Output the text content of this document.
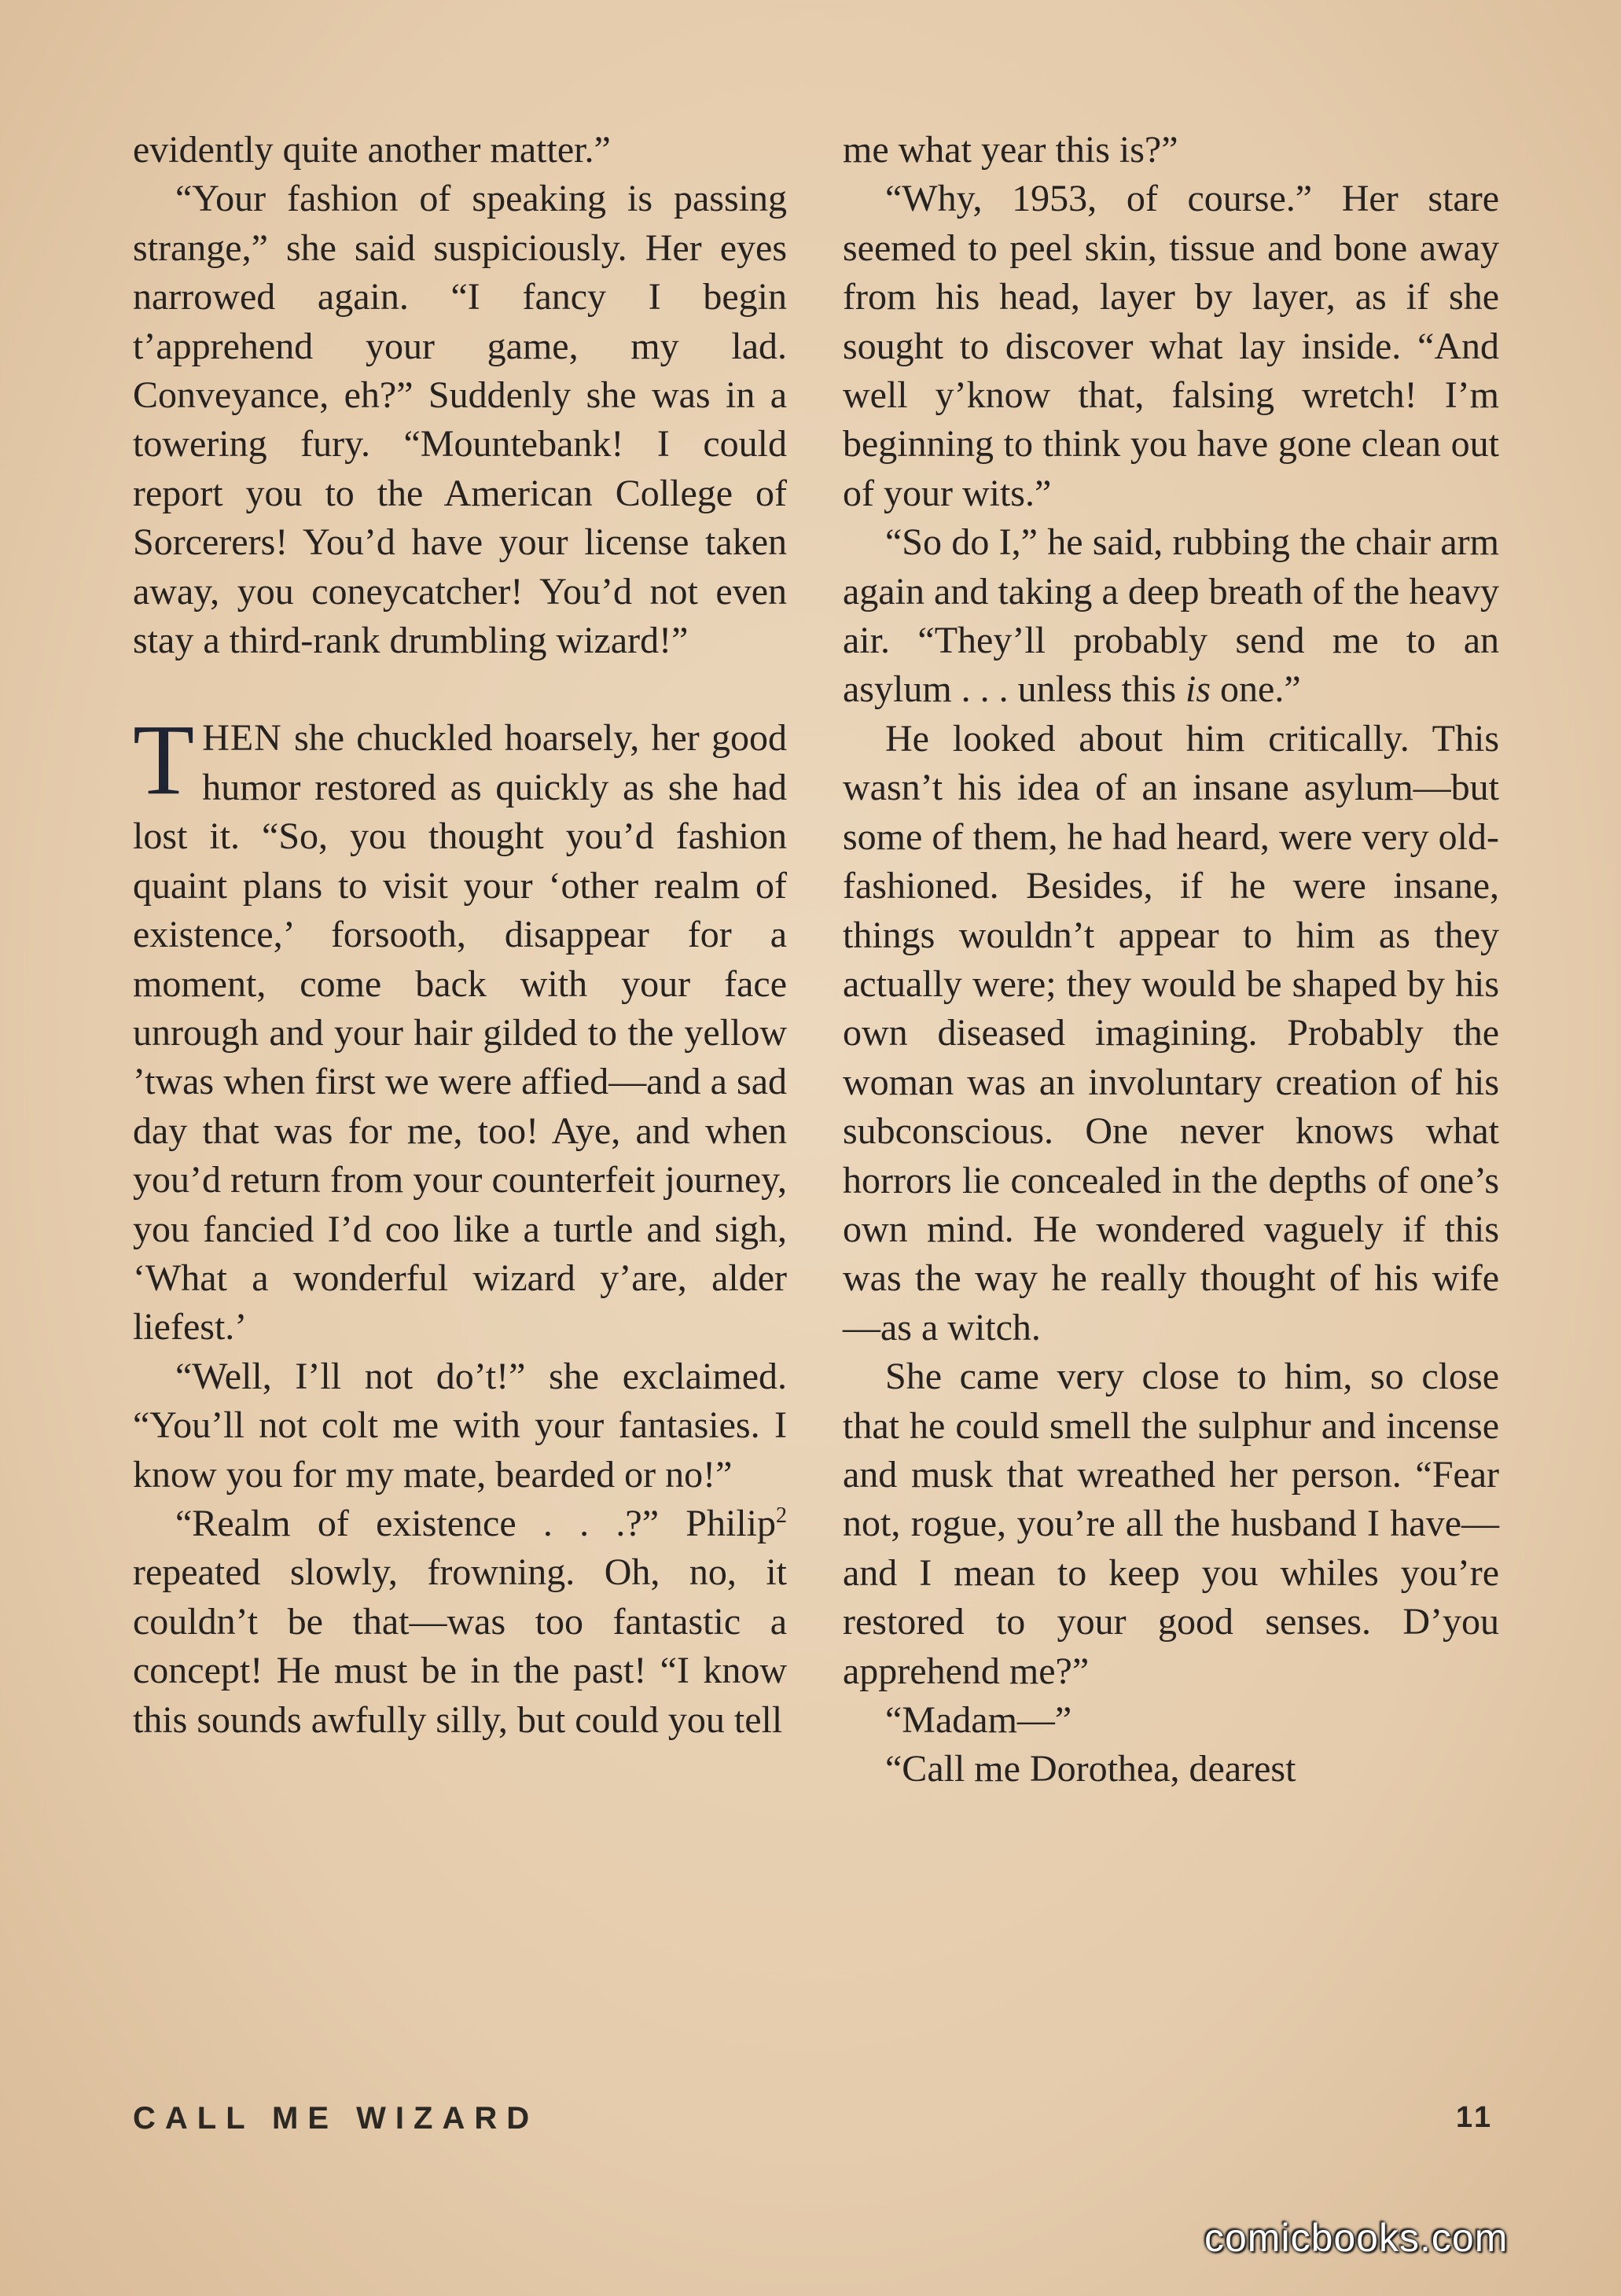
evidently quite another matter.”

“Your fashion of speaking is passing strange,” she said suspiciously. Her eyes narrowed again. “I fancy I begin t’apprehend your game, my lad. Conveyance, eh?” Suddenly she was in a towering fury. “Mountebank! I could report you to the American College of Sorcerers! You’d have your license taken away, you coneycatcher! You’d not even stay a third-rank drumbling wizard!”

THEN she chuckled hoarsely, her good humor restored as quickly as she had lost it. “So, you thought you’d fashion quaint plans to visit your ‘other realm of existence,’ forsooth, disappear for a moment, come back with your face unrough and your hair gilded to the yellow ’twas when first we were affied—and a sad day that was for me, too! Aye, and when you’d return from your counterfeit journey, you fancied I’d coo like a turtle and sigh, ‘What a wonderful wizard y’are, alder liefest.’

“Well, I’ll not do’t!” she exclaimed. “You’ll not colt me with your fantasies. I know you for my mate, bearded or no!”

“Realm of existence . . .?” Philip$^2$ repeated slowly, frowning. Oh, no, it couldn’t be that—was too fantastic a concept! He must be in the past! “I know this sounds awfully silly, but could you tell

me what year this is?”

“Why, 1953, of course.” Her stare seemed to peel skin, tissue and bone away from his head, layer by layer, as if she sought to discover what lay inside. “And well y’know that, falsing wretch! I’m beginning to think you have gone clean out of your wits.”

“So do I,” he said, rubbing the chair arm again and taking a deep breath of the heavy air. “They’ll probably send me to an asylum . . . unless this is one.”

He looked about him critically. This wasn’t his idea of an insane asylum—but some of them, he had heard, were very old-fashioned. Besides, if he were insane, things wouldn’t appear to him as they actually were; they would be shaped by his own diseased imagining. Probably the woman was an involuntary creation of his subconscious. One never knows what horrors lie concealed in the depths of one’s own mind. He wondered vaguely if this was the way he really thought of his wife —as a witch.

She came very close to him, so close that he could smell the sulphur and incense and musk that wreathed her person. “Fear not, rogue, you’re all the husband I have—and I mean to keep you whiles you’re restored to your good senses. D’you apprehend me?”

“Madam—”

“Call me Dorothea, dearest

CALL ME WIZARD	11
comicbooks.com
